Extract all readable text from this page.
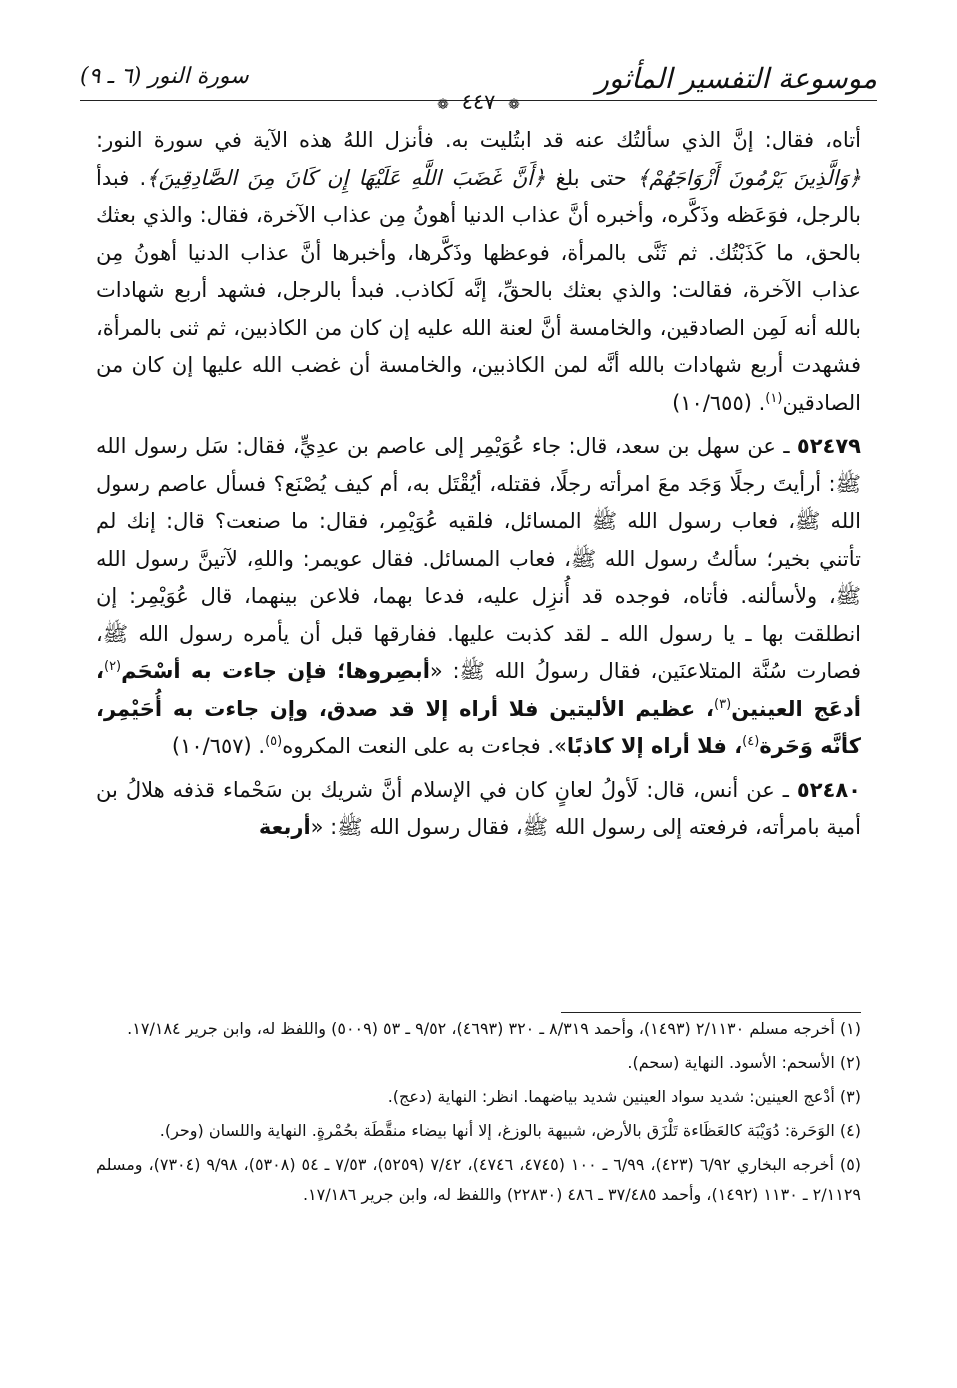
موسوعة التفسير المأثور
سورة النور (٦ ـ ٩)
❁ ٤٤٧ ❁

أتاه، فقال: إنَّ الذي سألتُك عنه قد ابتُليت به. فأنزل اللهُ هذه الآية في سورة النور: ﴿وَالَّذِينَ يَرْمُونَ أَزْوَاجَهُمْ﴾ حتى بلغ ﴿أَنَّ غَضَبَ اللَّهِ عَلَيْهَا إِن كَانَ مِنَ الصَّادِقِينَ﴾. فبدأ بالرجل، فوَعَظه وذَكَّره، وأخبره أنَّ عذاب الدنيا أهونُ مِن عذاب الآخرة، فقال: والذي بعثك بالحق، ما كَذَبْتُك. ثم ثَنَّى بالمرأة، فوعظها وذَكَّرها، وأخبرها أنَّ عذاب الدنيا أهونُ مِن عذاب الآخرة، فقالت: والذي بعثك بالحقِّ، إنَّه لَكاذب. فبدأ بالرجل، فشهد أربع شهادات بالله أنه لَمِن الصادقين، والخامسة أنَّ لعنة الله عليه إن كان من الكاذبين، ثم ثنى بالمرأة، فشهدت أربع شهادات بالله أنَّه لمن الكاذبين، والخامسة أن غضب الله عليها إن كان من الصادقين$^{(١)}$. (١٠/٦٥٥)

٥٢٤٧٩ ـ عن سهل بن سعد، قال: جاء عُوَيْمِر إلى عاصم بن عدِيٍّ، فقال: سَل رسول الله ﷺ: أرأيتَ رجلًا وَجَد معَ امرأته رجلًا، فقتله، أيُقْتَل به، أم كيف يُصْنَع؟ فسأل عاصم رسول الله ﷺ، فعاب رسول الله ﷺ المسائل، فلقيه عُوَيْمِر، فقال: ما صنعت؟ قال: إنك لم تأتني بخير؛ سألتُ رسول الله ﷺ، فعاب المسائل. فقال عويمر: واللهِ، لآتينَّ رسول الله ﷺ، ولأسألنه. فأتاه، فوجده قد أُنزِل عليه، فدعا بهما، فلاعن بينهما، قال عُوَيْمِر: إن انطلقت بها ـ يا رسول الله ـ لقد كذبت عليها. ففارقها قبل أن يأمره رسول الله ﷺ، فصارت سُنَّة المتلاعنَين، فقال رسولُ الله ﷺ: «أبصِروها؛ فإن جاءت به أسْحَم$^{(٢)}$، أدعَج العينين$^{(٣)}$، عظيم الأليتين فلا أراه إلا قد صدق، وإن جاءت به أُحَيْمِر، كأنَّه وَحَرة$^{(٤)}$، فلا أراه إلا كاذبًا». فجاءت به على النعت المكروه$^{(٥)}$. (١٠/٦٥٧)

٥٢٤٨٠ ـ عن أنس، قال: لَأولُ لعانٍ كان في الإسلام أنَّ شريك بن سَحْماء قذفه هلالُ بن أمية بامرأته، فرفعته إلى رسول الله ﷺ، فقال رسول الله ﷺ: «أربعة

(١) أخرجه مسلم ٢/١١٣٠ (١٤٩٣)، وأحمد ٨/٣١٩ ـ ٣٢٠ (٤٦٩٣)، ٩/٥٢ ـ ٥٣ (٥٠٠٩) واللفظ له، وابن جرير ١٧/١٨٤.

(٢) الأسحم: الأسود. النهاية (سحم).

(٣) أدْعج العينين: شديد سواد العينين شديد بياضهما. انظر: النهاية (دعج).

(٤) الوَحَرة: دُوَيْبَة كالعَظَاءة تَلْزَق بالأرض، شبيهة بالوزغ، إلا أنها بيضاء منقَّطَة بحُمْرةٍ. النهاية واللسان (وحر).

(٥) أخرجه البخاري ٦/٩٢ (٤٢٣)، ٦/٩٩ ـ ١٠٠ (٤٧٤٥، ٤٧٤٦)، ٧/٤٢ (٥٢٥٩)، ٧/٥٣ ـ ٥٤ (٥٣٠٨)، ٩/٩٨ (٧٣٠٤)، ومسلم ٢/١١٢٩ ـ ١١٣٠ (١٤٩٢)، وأحمد ٣٧/٤٨٥ ـ ٤٨٦ (٢٢٨٣٠) واللفظ له، وابن جرير ١٧/١٨٦.
